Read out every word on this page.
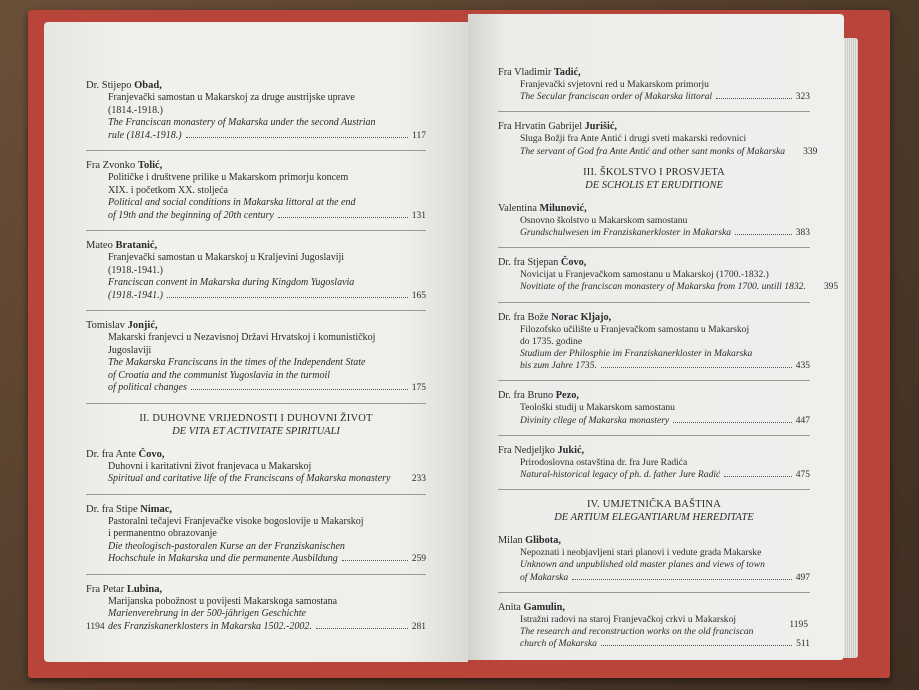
Dr. Stijepo Obad,
Franjevački samostan u Makarskoj za druge austrijske uprave
(1814.-1918.)
The Franciscan monastery of Makarska under the second Austrian
rule (1814.-1918.)	117
Fra Zvonko Tolić,
Političke i društvene prilike u Makarskom primorju koncem
XIX. i početkom XX. stoljeća
Political and social conditions in Makarska littoral at the end
of 19th and the beginning of 20th century	131
Mateo Bratanić,
Franjevački samostan u Makarskoj u Kraljevini Jugoslaviji
(1918.-1941.)
Franciscan convent in Makarska during Kingdom Yugoslavia
(1918.-1941.)	165
Tomislav Jonjić,
Makarski franjevci u Nezavisnoj Državi Hrvatskoj i komunističkoj
Jugoslaviji
The Makarska Franciscans in the times of the Independent State
of Croatia and the communist Yugoslavia in the turmoil
of political changes	175
II. DUHOVNE VRIJEDNOSTI I DUHOVNI ŽIVOT
DE VITA ET ACTIVITATE SPIRITUALI
Dr. fra Ante Čovo,
Duhovni i karitativni život franjevaca u Makarskoj
Spiritual and caritative life of the Franciscans of Makarska monastery 233
Dr. fra Stipe Nimac,
Pastoralni tečajevi Franjevačke visoke bogoslovije u Makarskoj
i permanentno obrazovanje
Die theologisch-pastoralen Kurse an der Franziskanischen
Hochschule in Makarska und die permanente Ausbildung	259
Fra Petar Lubina,
Marijanska pobožnost u povijesti Makarskoga samostana
Marienverehrung in der 500-jährigen Geschichte
des Franziskanerklosters in Makarska 1502.-2002.	281
1194
Fra Vladimir Tadić,
Franjevački svjetovni red u Makarskom primorju
The Secular franciscan order of Makarska littoral	323
Fra Hrvatin Gabrijel Jurišić,
Sluga Božji fra Ante Antić i drugi sveti makarski redovnici
The servant of God fra Ante Antić and other sant monks of Makarska 339
III. ŠKOLSTVO I PROSVJETA
DE SCHOLIS ET ERUDITIONE
Valentina Milunović,
Osnovno školstvo u Makarskom samostanu
Grundschulwesen im Franziskanerkloster in Makarska	383
Dr. fra Stjepan Čovo,
Novicijat u Franjevačkom samostanu u Makarskoj (1700.-1832.)
Novitiate of the franciscan monastery of Makarska from 1700. untill 1832. 395
Dr. fra Bože Norac Kljajo,
Filozofsko učilište u Franjevačkom samostanu u Makarskoj
do 1735. godine
Studium der Philosphie im Franziskanerkloster in Makarska
bis zum Jahre 1735.	435
Dr. fra Bruno Pezo,
Teološki studij u Makarskom samostanu
Divinity cllege of Makarska monastery	447
Fra Nedjeljko Jukić,
Prirodoslovna ostavština dr. fra Jure Radića
Natural-historical legacy of ph. d. father Jure Radić	475
IV. UMJETNIČKA BAŠTINA
DE ARTIUM ELEGANTIARUM HEREDITATE
Milan Glibota,
Nepoznati i neobjavljeni stari planovi i vedute grada Makarske
Unknown and unpublished old master planes and views of town
of Makarska	497
Anita Gamulin,
Istražni radovi na staroj Franjevačkoj crkvi u Makarskoj
The research and reconstruction works on the old franciscan
church of Makarska	511
1195
